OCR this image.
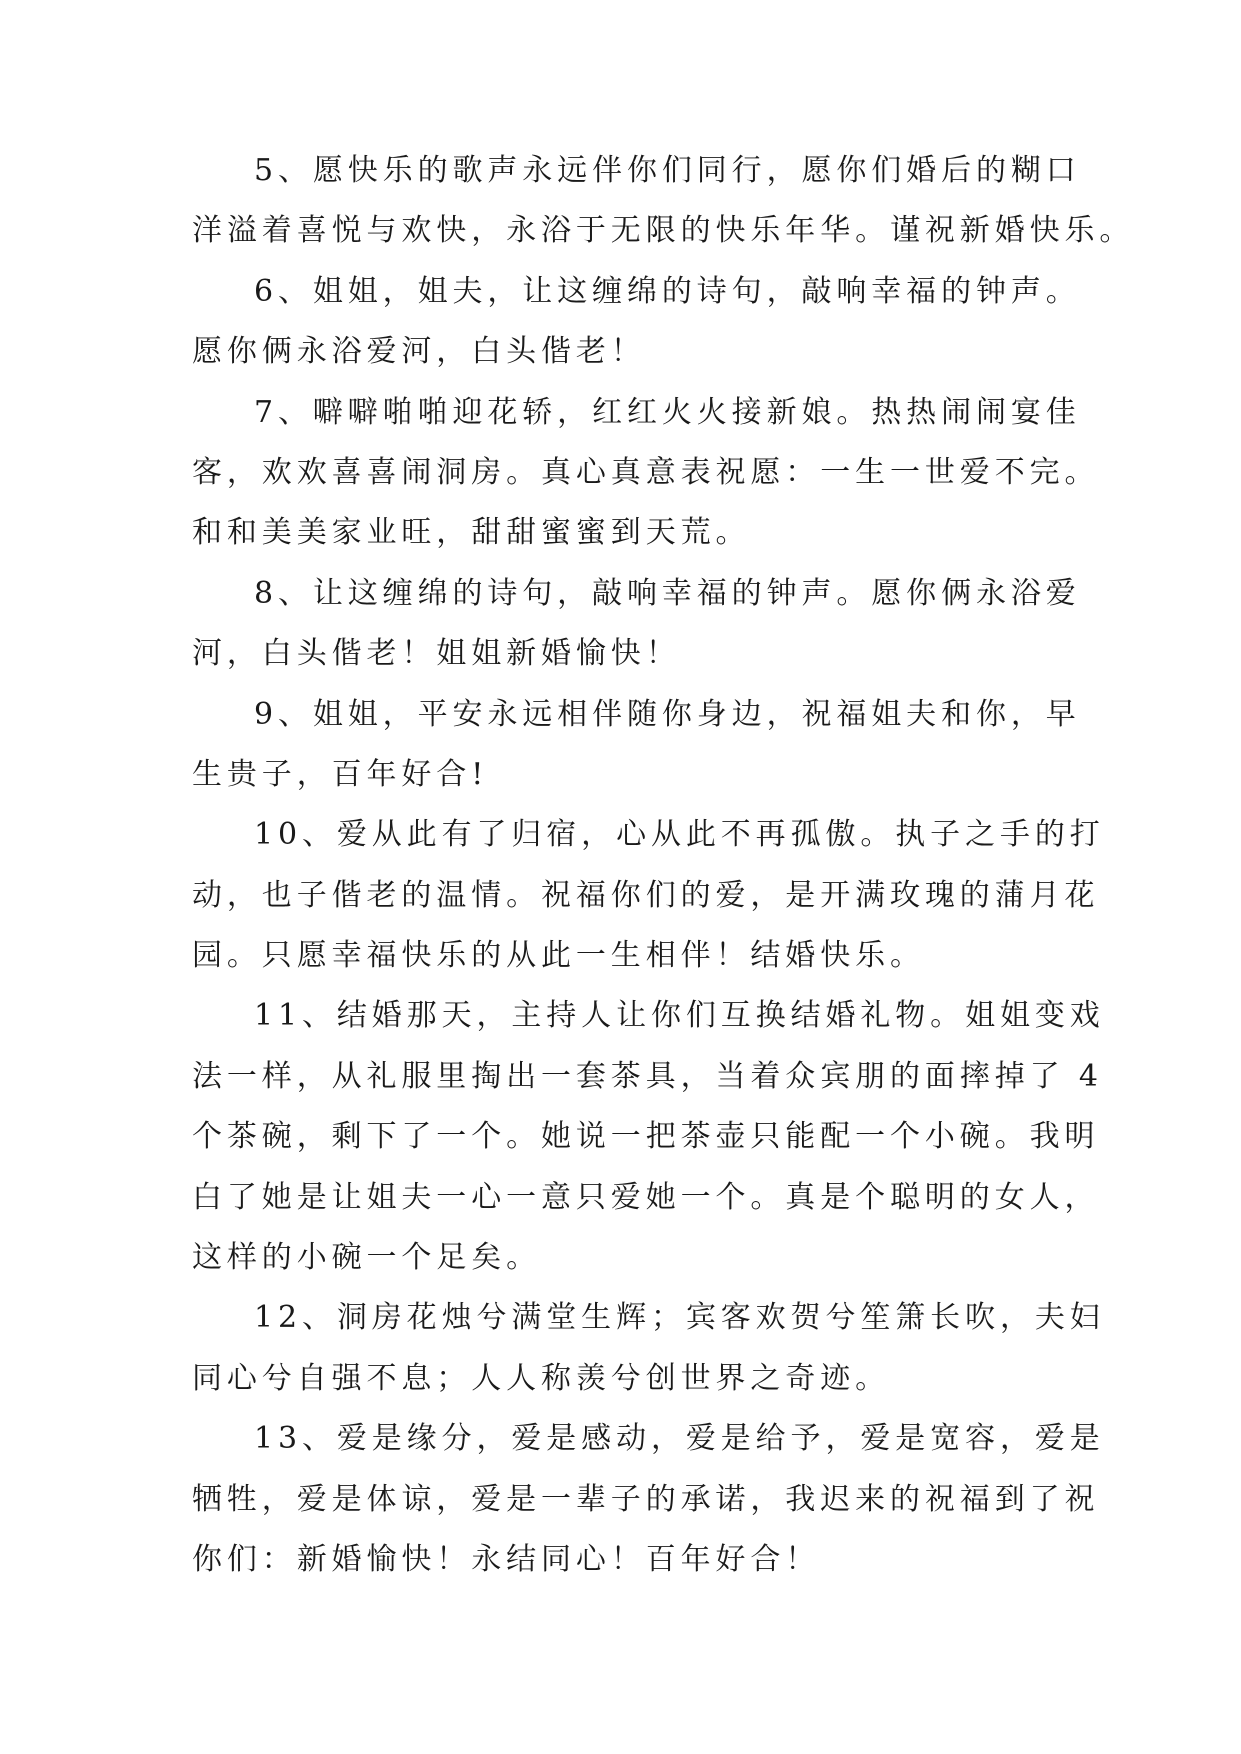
5、愿快乐的歌声永远伴你们同行，愿你们婚后的糊口
洋溢着喜悦与欢快，永浴于无限的快乐年华。谨祝新婚快乐。
6、姐姐，姐夫，让这缠绵的诗句，敲响幸福的钟声。
愿你俩永浴爱河，白头偕老！
7、噼噼啪啪迎花轿，红红火火接新娘。热热闹闹宴佳
客，欢欢喜喜闹洞房。真心真意表祝愿：一生一世爱不完。
和和美美家业旺，甜甜蜜蜜到天荒。
8、让这缠绵的诗句，敲响幸福的钟声。愿你俩永浴爱
河，白头偕老！姐姐新婚愉快！
9、姐姐，平安永远相伴随你身边，祝福姐夫和你，早
生贵子，百年好合!
10、爱从此有了归宿，心从此不再孤傲。执子之手的打
动，也子偕老的温情。祝福你们的爱，是开满玫瑰的蒲月花
园。只愿幸福快乐的从此一生相伴！结婚快乐。
11、结婚那天，主持人让你们互换结婚礼物。姐姐变戏
法一样，从礼服里掏出一套茶具，当着众宾朋的面摔掉了 4
个茶碗，剩下了一个。她说一把茶壶只能配一个小碗。我明
白了她是让姐夫一心一意只爱她一个。真是个聪明的女人，
这样的小碗一个足矣。
12、洞房花烛兮满堂生辉；宾客欢贺兮笙箫长吹，夫妇
同心兮自强不息；人人称羡兮创世界之奇迹。
13、爱是缘分，爱是感动，爱是给予，爱是宽容，爱是
牺牲，爱是体谅，爱是一辈子的承诺，我迟来的祝福到了祝
你们：新婚愉快！永结同心！百年好合！
